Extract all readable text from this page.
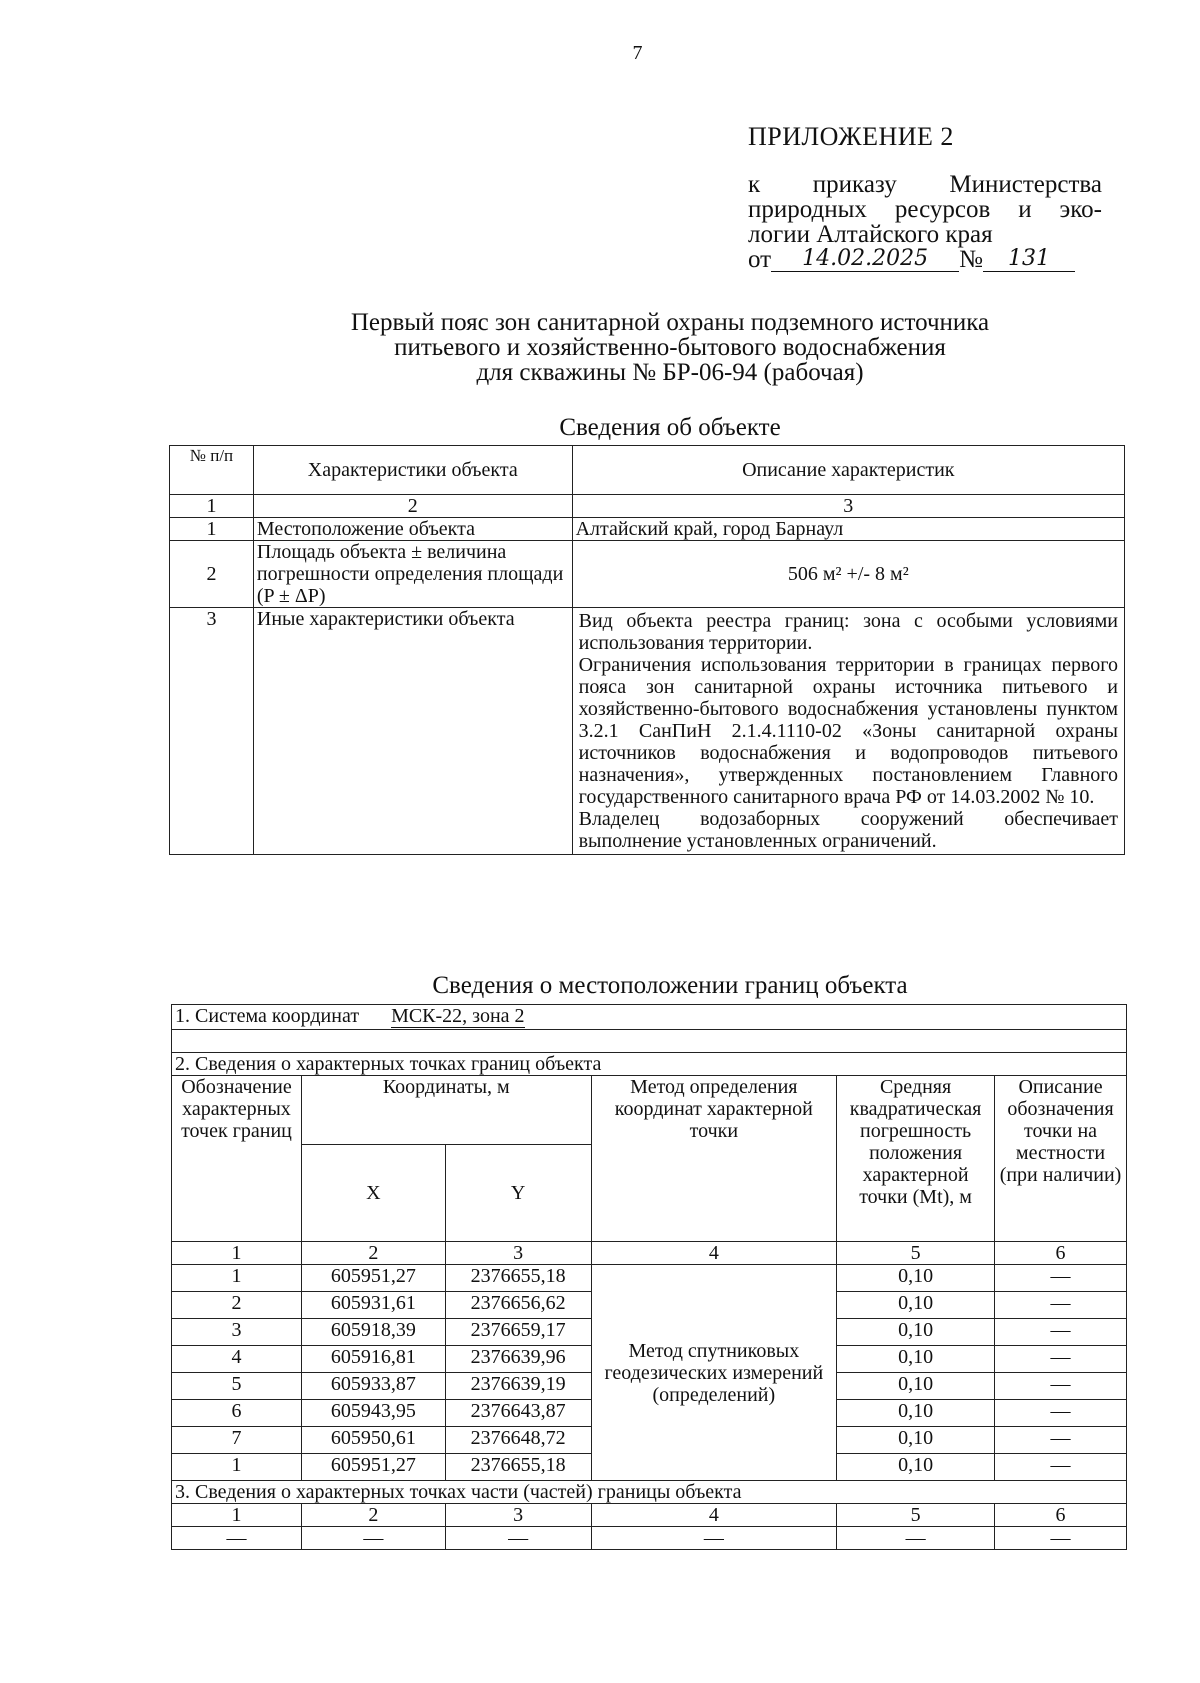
7
ПРИЛОЖЕНИЕ 2
к приказу Министерства
природных ресурсов и эко-
логии Алтайского края
от	14.02.2025	№	131
Первый пояс зон санитарной охраны подземного источника
питьевого и хозяйственно-бытового водоснабжения
для скважины № БР-06-94 (рабочая)
Сведения об объекте
№ п/п	Характеристики объекта	Описание характеристик
1	2	3
1	Местоположение объекта	Алтайский край, город Барнаул
2	Площадь объекта ± величина погрешности определения площади (P ± ΔP)	506 м² +/- 8 м²
3	Иные характеристики объекта	Вид объекта реестра границ: зона с особыми условиями использования территории.
Ограничения использования территории в границах первого пояса зон санитарной охраны источника питьевого и хозяйственно-бытового водоснабжения установлены пунктом 3.2.1 СанПиН 2.1.4.1110-02 «Зоны санитарной охраны источников водоснабжения и водопроводов питьевого назначения», утвержденных постановлением Главного государственного санитарного врача РФ от 14.03.2002 № 10.
Владелец водозаборных сооружений обеспечивает выполнение установленных ограничений.
Сведения о местоположении границ объекта
1. Система координат МСК-22, зона 2					

2. Сведения о характерных точках границ объекта					
Обозначение характерных точек границ	Координаты, м		Метод определения координат характерной точки	Средняя квадратическая погрешность положения характерной точки (Mt), м	Описание обозначения точки на местности (при наличии)
	X	Y			
1	2	3	4	5	6
1	605951,27	2376655,18	Метод спутниковых геодезических измерений (определений)	0,10	—
2	605931,61	2376656,62		0,10	—
3	605918,39	2376659,17		0,10	—
4	605916,81	2376639,96		0,10	—
5	605933,87	2376639,19		0,10	—
6	605943,95	2376643,87		0,10	—
7	605950,61	2376648,72		0,10	—
1	605951,27	2376655,18		0,10	—
3. Сведения о характерных точках части (частей) границы объекта					
1	2	3	4	5	6
—	—	—	—	—	—
